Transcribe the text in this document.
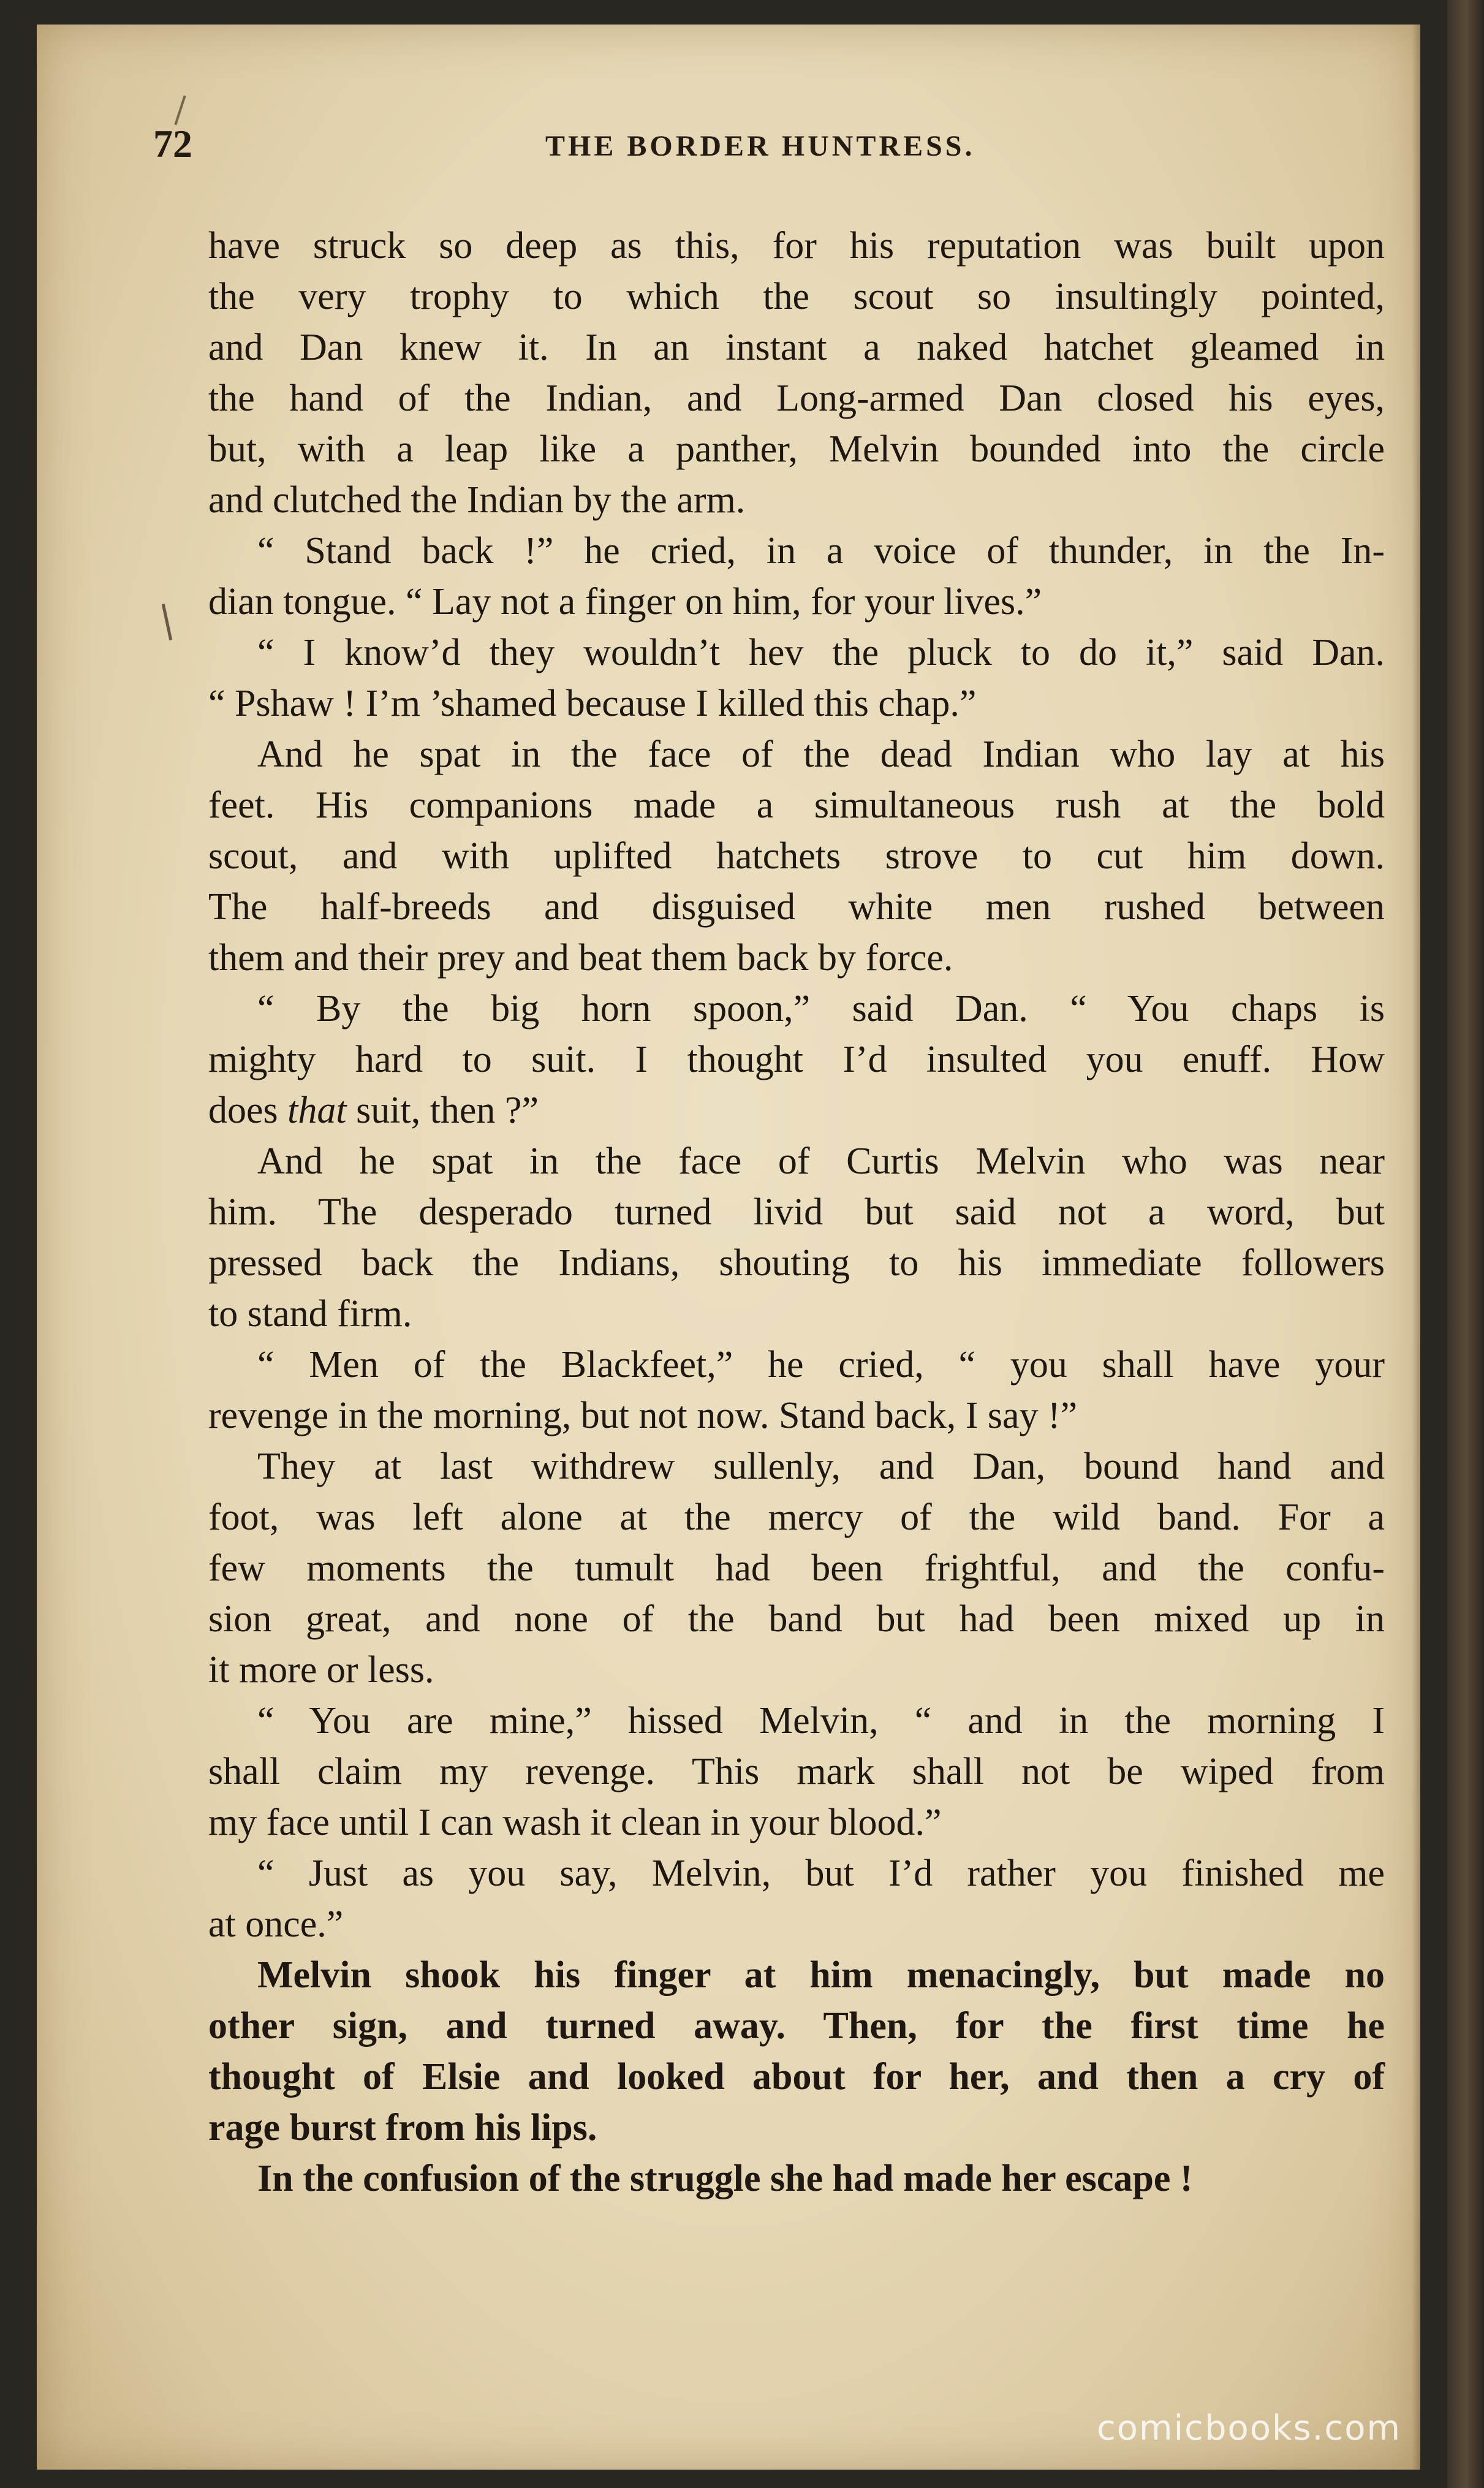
72	THE BORDER HUNTRESS.
have struck so deep as this, for his reputation was built upon
the very trophy to which the scout so insultingly pointed,
and Dan knew it. In an instant a naked hatchet gleamed in
the hand of the Indian, and Long-armed Dan closed his eyes,
but, with a leap like a panther, Melvin bounded into the circle
and clutched the Indian by the arm.
“ Stand back !” he cried, in a voice of thunder, in the In-
dian tongue. “ Lay not a finger on him, for your lives.”
“ I know’d they wouldn’t hev the pluck to do it,” said Dan.
“ Pshaw ! I’m ’shamed because I killed this chap.”
And he spat in the face of the dead Indian who lay at his
feet. His companions made a simultaneous rush at the bold
scout, and with uplifted hatchets strove to cut him down.
The half-breeds and disguised white men rushed between
them and their prey and beat them back by force.
“ By the big horn spoon,” said Dan. “ You chaps is
mighty hard to suit. I thought I’d insulted you enuff. How
does that suit, then ?”
And he spat in the face of Curtis Melvin who was near
him. The desperado turned livid but said not a word, but
pressed back the Indians, shouting to his immediate followers
to stand firm.
“ Men of the Blackfeet,” he cried, “ you shall have your
revenge in the morning, but not now. Stand back, I say !”
They at last withdrew sullenly, and Dan, bound hand and
foot, was left alone at the mercy of the wild band. For a
few moments the tumult had been frightful, and the confu-
sion great, and none of the band but had been mixed up in
it more or less.
“ You are mine,” hissed Melvin, “ and in the morning I
shall claim my revenge. This mark shall not be wiped from
my face until I can wash it clean in your blood.”
“ Just as you say, Melvin, but I’d rather you finished me
at once.”
Melvin shook his finger at him menacingly, but made no
other sign, and turned away. Then, for the first time he
thought of Elsie and looked about for her, and then a cry of
rage burst from his lips.
In the confusion of the struggle she had made her escape !
comicbooks.com
